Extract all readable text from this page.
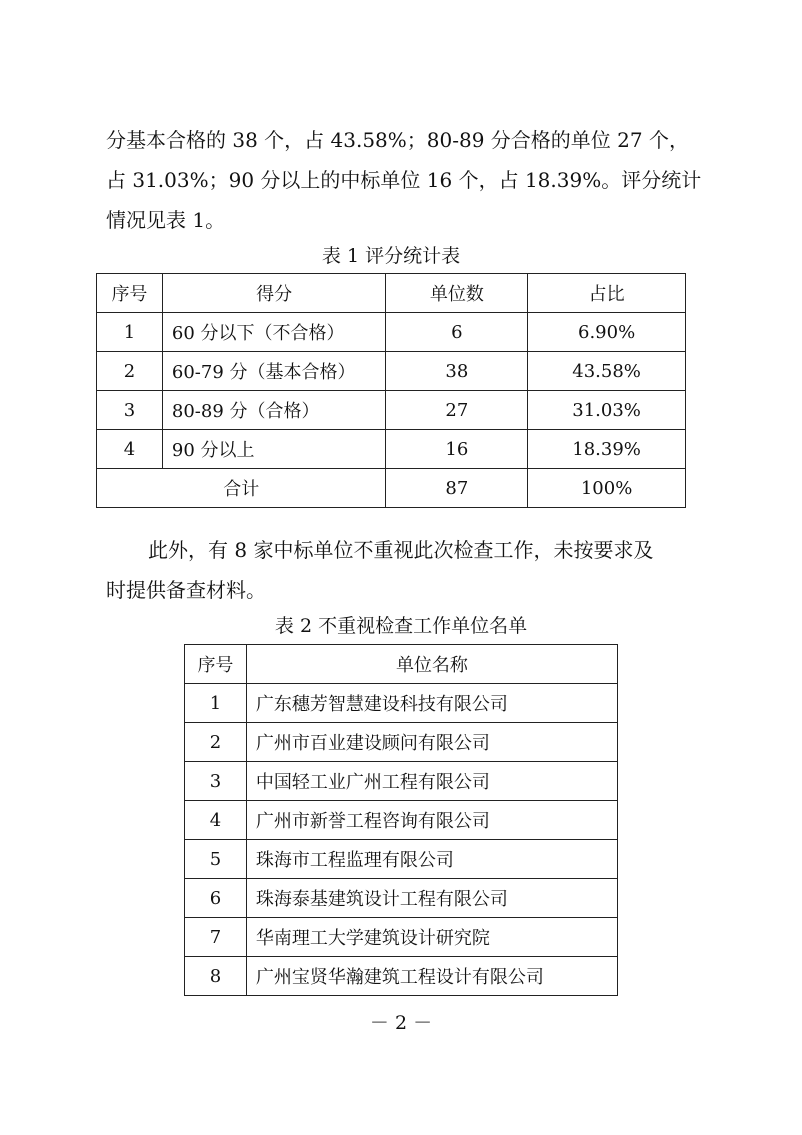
分基本合格的 38 个，占 43.58%；80-89 分合格的单位 27 个，
占 31.03%；90 分以上的中标单位 16 个，占 18.39%。评分统计
情况见表 1。
表 1 评分统计表
序号	得分	单位数	占比
1	60 分以下（不合格）	6	6.90%
2	60-79 分（基本合格）	38	43.58%
3	80-89 分（合格）	27	31.03%
4	90 分以上	16	18.39%
合计		87	100%
此外，有 8 家中标单位不重视此次检查工作，未按要求及
时提供备查材料。
表 2 不重视检查工作单位名单
序号	单位名称
1	广东穗芳智慧建设科技有限公司
2	广州市百业建设顾问有限公司
3	中国轻工业广州工程有限公司
4	广州市新誉工程咨询有限公司
5	珠海市工程监理有限公司
6	珠海泰基建筑设计工程有限公司
7	华南理工大学建筑设计研究院
8	广州宝贤华瀚建筑工程设计有限公司
－ 2 －
